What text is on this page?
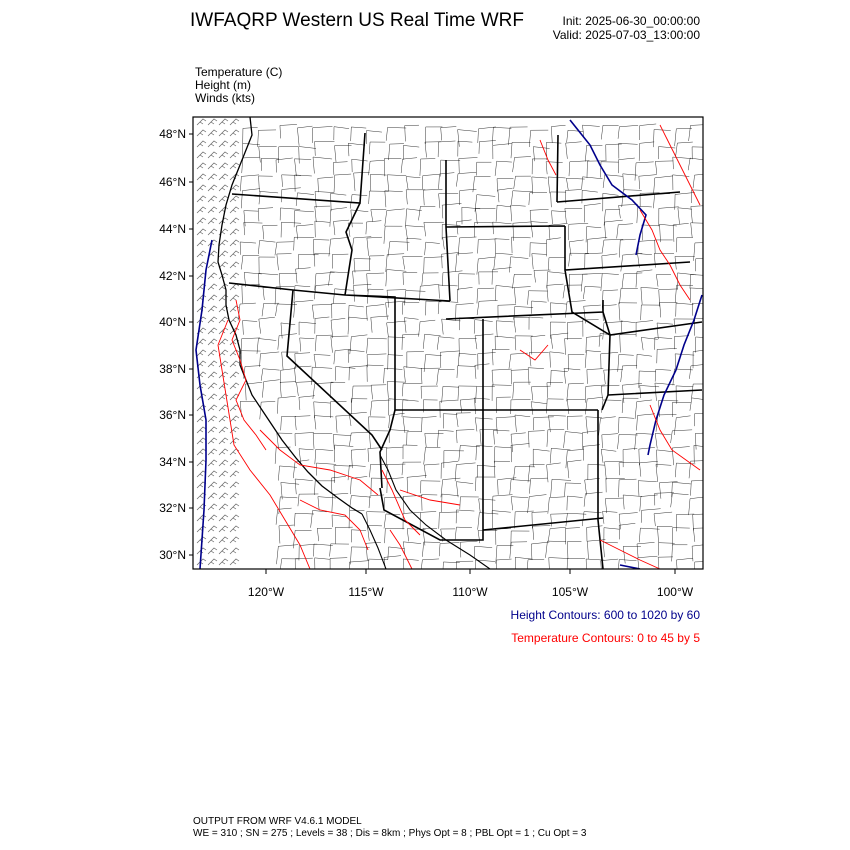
IWFAQRP Western US Real Time WRF	Init: 2025-06-30_00:00:00
Valid: 2025-07-03_13:00:00
Temperature (C)
Height (m)
Winds (kts)
48°N
46°N
44°N
42°N
40°N
38°N
36°N
34°N
32°N
30°N
120°W	115°W	110°W	105°W	100°W
Height Contours: 600 to 1020 by 60
Temperature Contours: 0 to 45 by 5
OUTPUT FROM WRF V4.6.1 MODEL
WE = 310 ; SN = 275 ; Levels = 38 ; Dis = 8km ; Phys Opt = 8 ; PBL Opt = 1 ; Cu Opt = 3
